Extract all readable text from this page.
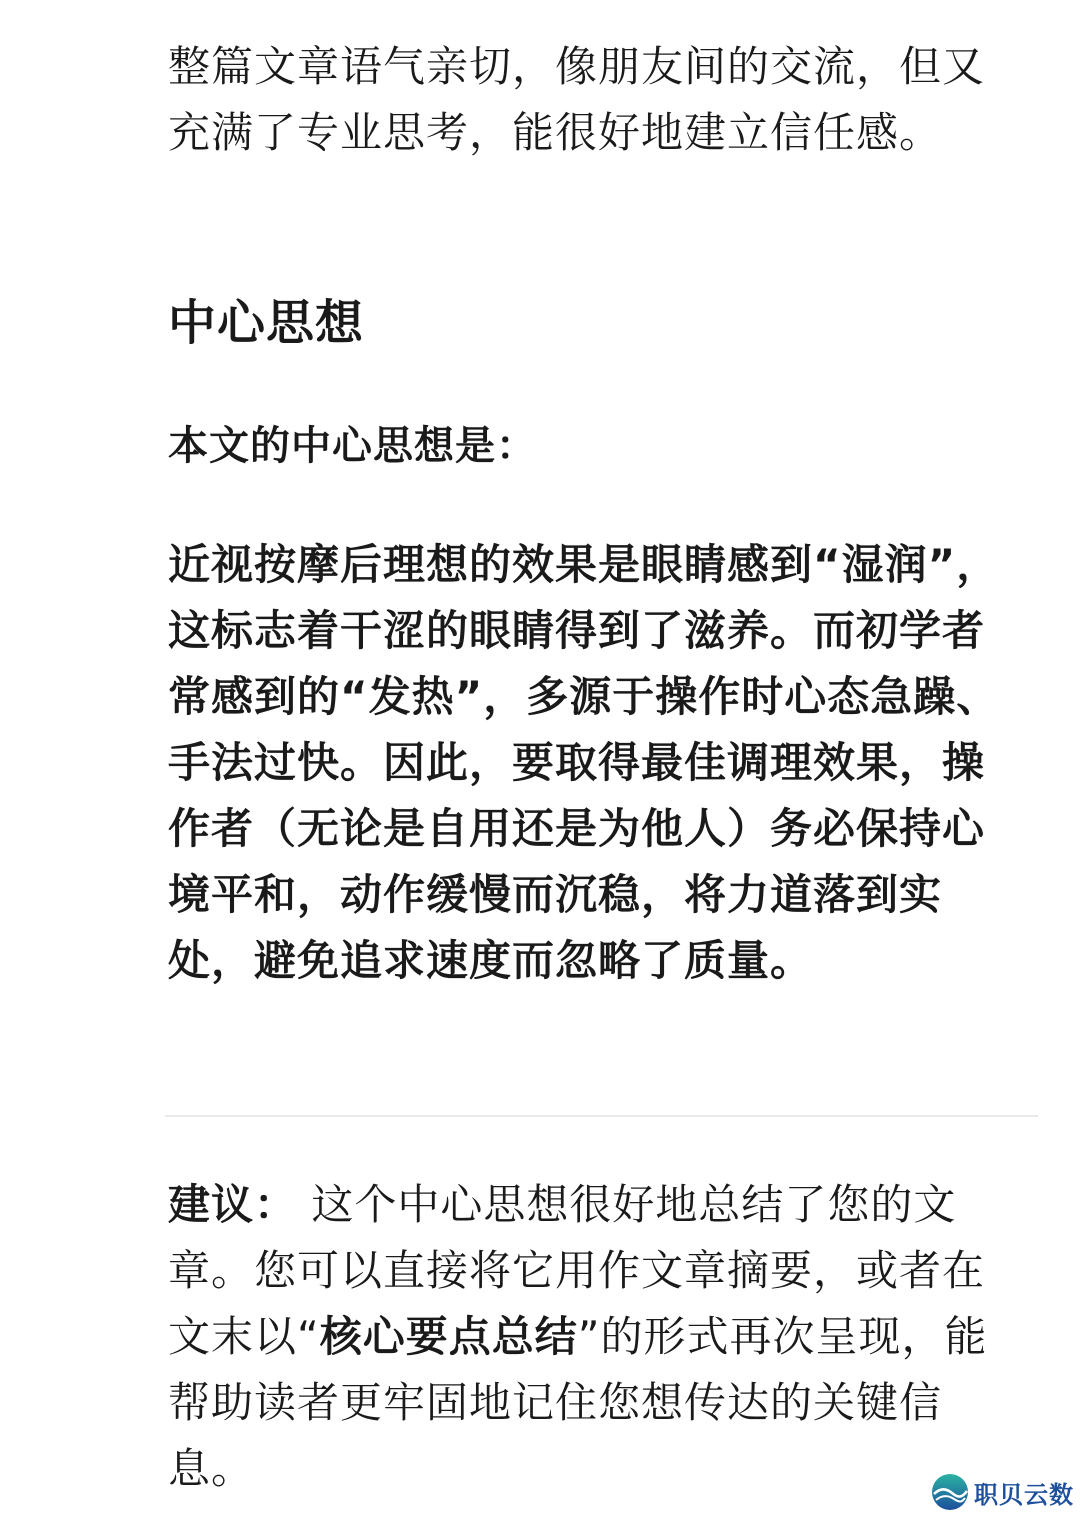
整篇文章语气亲切，像朋友间的交流，但又充满了专业思考，能很好地建立信任感。

中心思想
本文的中心思想是：

近视按摩后理想的效果是眼睛感到“湿润”，这标志着干涩的眼睛得到了滋养。而初学者常感到的“发热”，多源于操作时心态急躁、手法过快。因此，要取得最佳调理效果，操作者（无论是自用还是为他人）务必保持心境平和，动作缓慢而沉稳，将力道落到实处，避免追求速度而忽略了质量。

建议： 这个中心思想很好地总结了您的文章。您可以直接将它用作文章摘要，或者在文末以“核心要点总结”的形式再次呈现，能帮助读者更牢固地记住您想传达的关键信息。

职贝云数
